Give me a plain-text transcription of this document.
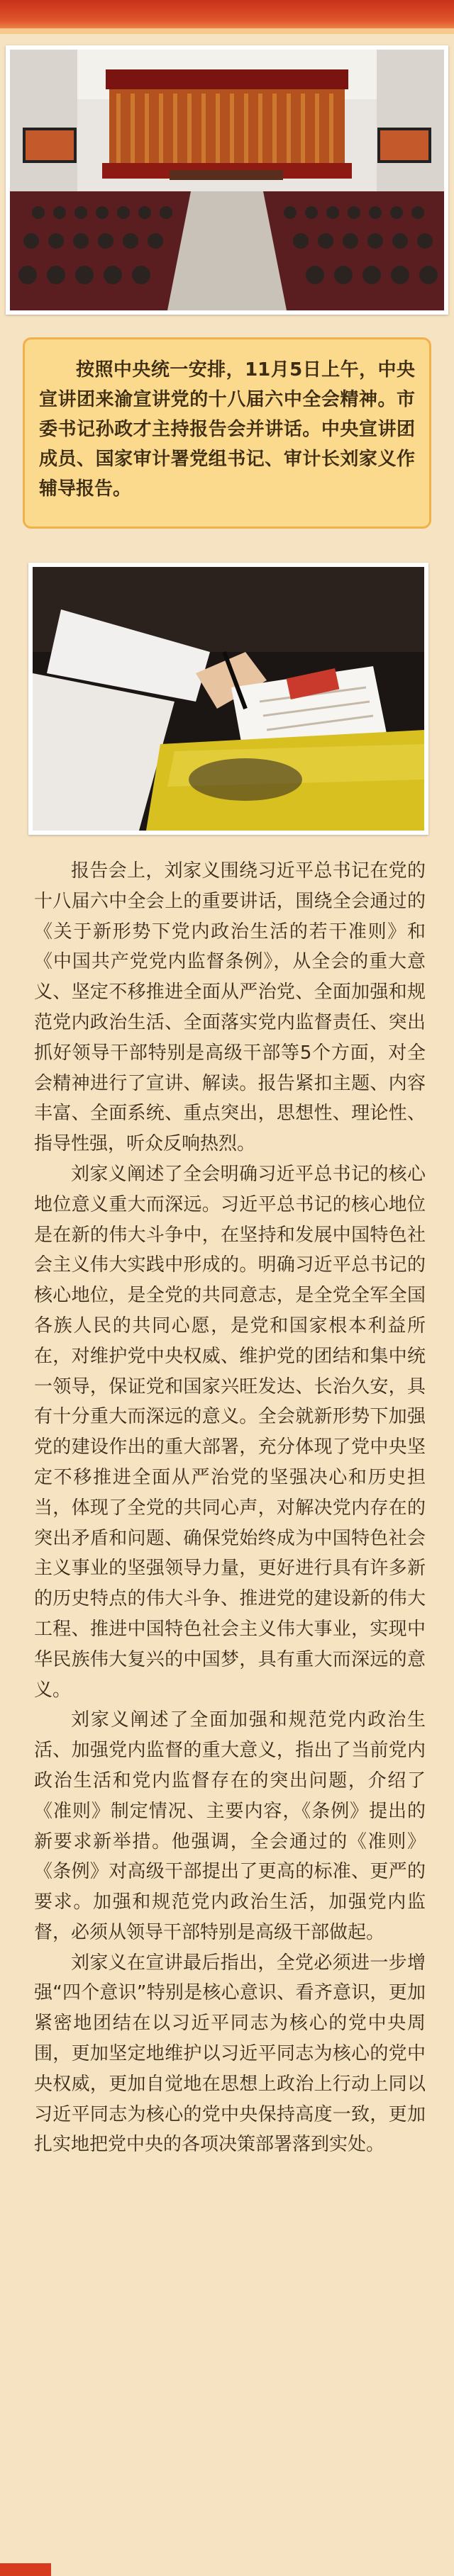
按照中央统一安排，11月5日上午，中央宣讲团来渝宣讲党的十八届六中全会精神。市委书记孙政才主持报告会并讲话。中央宣讲团成员、国家审计署党组书记、审计长刘家义作辅导报告。

报告会上，刘家义围绕习近平总书记在党的十八届六中全会上的重要讲话，围绕全会通过的《关于新形势下党内政治生活的若干准则》和《中国共产党党内监督条例》，从全会的重大意义、坚定不移推进全面从严治党、全面加强和规范党内政治生活、全面落实党内监督责任、突出抓好领导干部特别是高级干部等5个方面，对全会精神进行了宣讲、解读。报告紧扣主题、内容丰富、全面系统、重点突出，思想性、理论性、指导性强，听众反响热烈。

刘家义阐述了全会明确习近平总书记的核心地位意义重大而深远。习近平总书记的核心地位是在新的伟大斗争中，在坚持和发展中国特色社会主义伟大实践中形成的。明确习近平总书记的核心地位，是全党的共同意志，是全党全军全国各族人民的共同心愿，是党和国家根本利益所在，对维护党中央权威、维护党的团结和集中统一领导，保证党和国家兴旺发达、长治久安，具有十分重大而深远的意义。全会就新形势下加强党的建设作出的重大部署，充分体现了党中央坚定不移推进全面从严治党的坚强决心和历史担当，体现了全党的共同心声，对解决党内存在的突出矛盾和问题、确保党始终成为中国特色社会主义事业的坚强领导力量，更好进行具有许多新的历史特点的伟大斗争、推进党的建设新的伟大工程、推进中国特色社会主义伟大事业，实现中华民族伟大复兴的中国梦，具有重大而深远的意义。

刘家义阐述了全面加强和规范党内政治生活、加强党内监督的重大意义，指出了当前党内政治生活和党内监督存在的突出问题，介绍了《准则》制定情况、主要内容，《条例》提出的新要求新举措。他强调，全会通过的《准则》《条例》对高级干部提出了更高的标准、更严的要求。加强和规范党内政治生活，加强党内监督，必须从领导干部特别是高级干部做起。

刘家义在宣讲最后指出，全党必须进一步增强“四个意识”特别是核心意识、看齐意识，更加紧密地团结在以习近平同志为核心的党中央周围，更加坚定地维护以习近平同志为核心的党中央权威，更加自觉地在思想上政治上行动上同以习近平同志为核心的党中央保持高度一致，更加扎实地把党中央的各项决策部署落到实处。
